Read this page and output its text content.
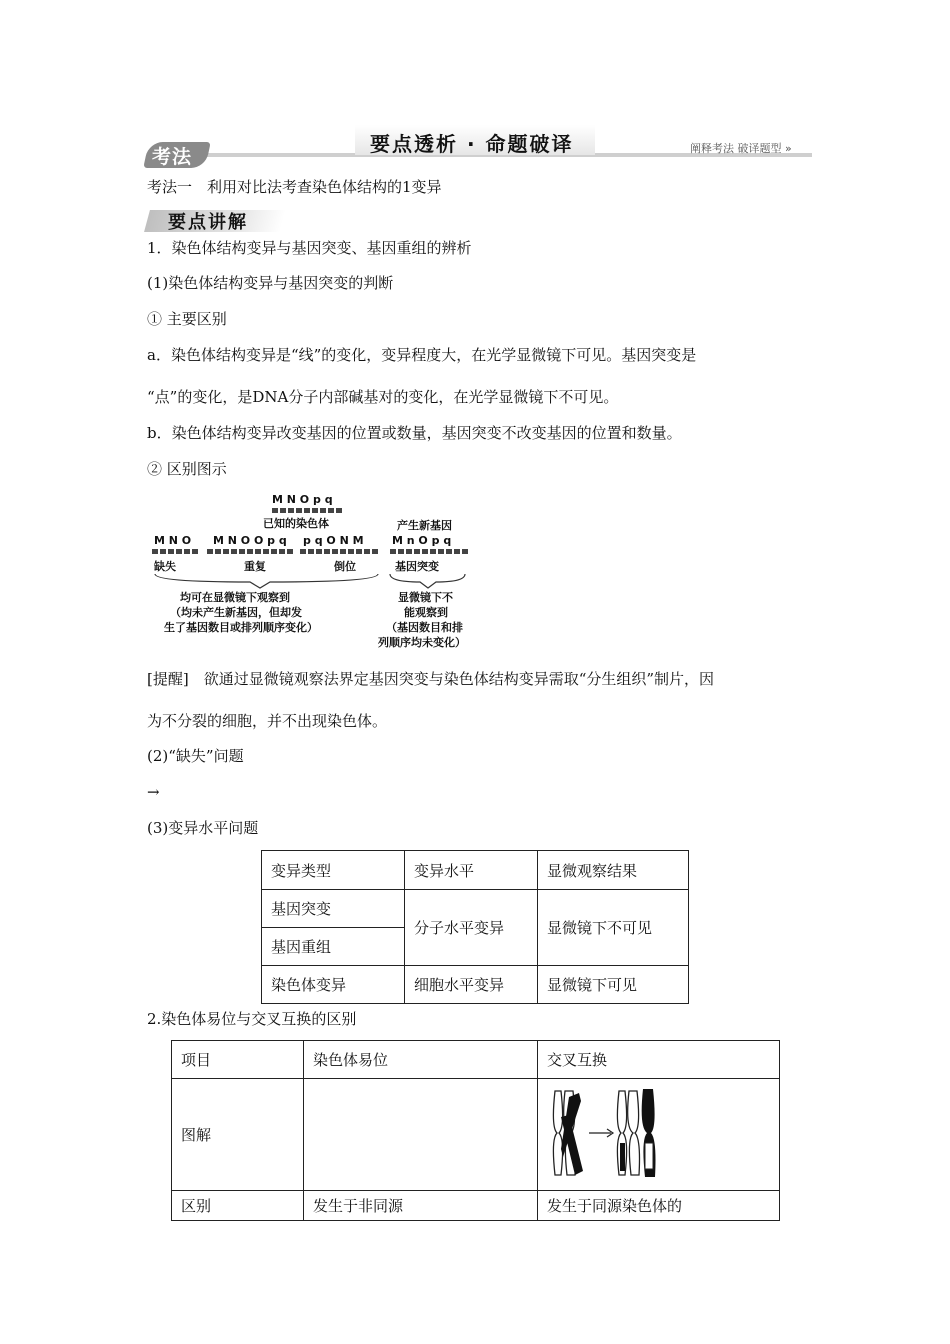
考法
要点透析 · 命题破译	阐释考法 破译题型 »
考法一　利用对比法考查染色体结构的1变异
要点讲解
1．染色体结构变异与基因突变、基因重组的辨析
(1)染色体结构变异与基因突变的判断
① 主要区别
a．染色体结构变异是“线”的变化，变异程度大，在光学显微镜下可见。基因突变是
“点”的变化，是DNA分子内部碱基对的变化，在光学显微镜下不可见。
b．染色体结构变异改变基因的位置或数量，基因突变不改变基因的位置和数量。
② 区别图示
M N O p q
已知的染色体	产生新基因
M N O M N O O p q p q O N M	M n O p q
缺失	重复	倒位	基因突变
均可在显微镜下观察到
（均未产生新基因，但却发
生了基因数目或排列顺序变化）
显微镜下不
能观察到
（基因数目和排
列顺序均未变化）
[提醒]　欲通过显微镜观察法界定基因突变与染色体结构变异需取“分生组织”制片，因
为不分裂的细胞，并不出现染色体。
(2)“缺失”问题
→
(3)变异水平问题
变异类型	变异水平	显微观察结果
基因突变	分子水平变异	显微镜下不可见
基因重组		
染色体变异	细胞水平变异	显微镜下可见
2.染色体易位与交叉互换的区别
项目	染色体易位	交叉互换
图解		
区别	发生于非同源	发生于同源染色体的
